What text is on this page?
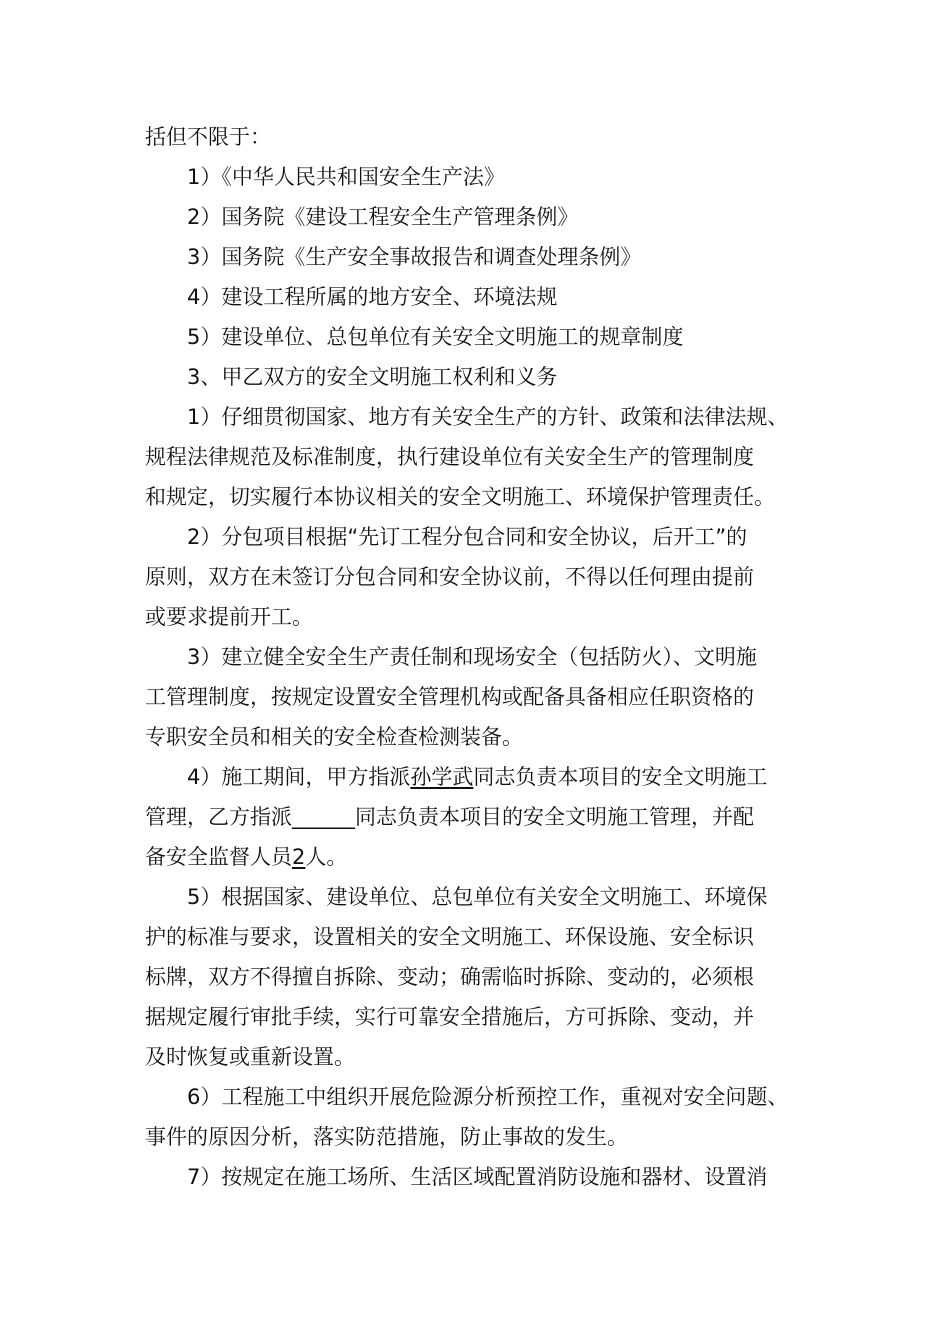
括但不限于：
1）《中华人民共和国安全生产法》
2）国务院《建设工程安全生产管理条例》
3）国务院《生产安全事故报告和调查处理条例》
4）建设工程所属的地方安全、环境法规
5）建设单位、总包单位有关安全文明施工的规章制度
3、甲乙双方的安全文明施工权利和义务
1）仔细贯彻国家、地方有关安全生产的方针、政策和法律法规、
规程法律规范及标准制度，执行建设单位有关安全生产的管理制度
和规定，切实履行本协议相关的安全文明施工、环境保护管理责任。
2）分包项目根据“先订工程分包合同和安全协议，后开工”的
原则，双方在未签订分包合同和安全协议前，不得以任何理由提前
或要求提前开工。
3）建立健全安全生产责任制和现场安全（包括防火）、文明施
工管理制度，按规定设置安全管理机构或配备具备相应任职资格的
专职安全员和相关的安全检查检测装备。
4）施工期间，甲方指派孙学武同志负责本项目的安全文明施工
管理，乙方指派______同志负责本项目的安全文明施工管理，并配
备安全监督人员2人。
5）根据国家、建设单位、总包单位有关安全文明施工、环境保
护的标准与要求，设置相关的安全文明施工、环保设施、安全标识
标牌，双方不得擅自拆除、变动；确需临时拆除、变动的，必须根
据规定履行审批手续，实行可靠安全措施后，方可拆除、变动，并
及时恢复或重新设置。
6）工程施工中组织开展危险源分析预控工作，重视对安全问题、
事件的原因分析，落实防范措施，防止事故的发生。
7）按规定在施工场所、生活区域配置消防设施和器材、设置消
